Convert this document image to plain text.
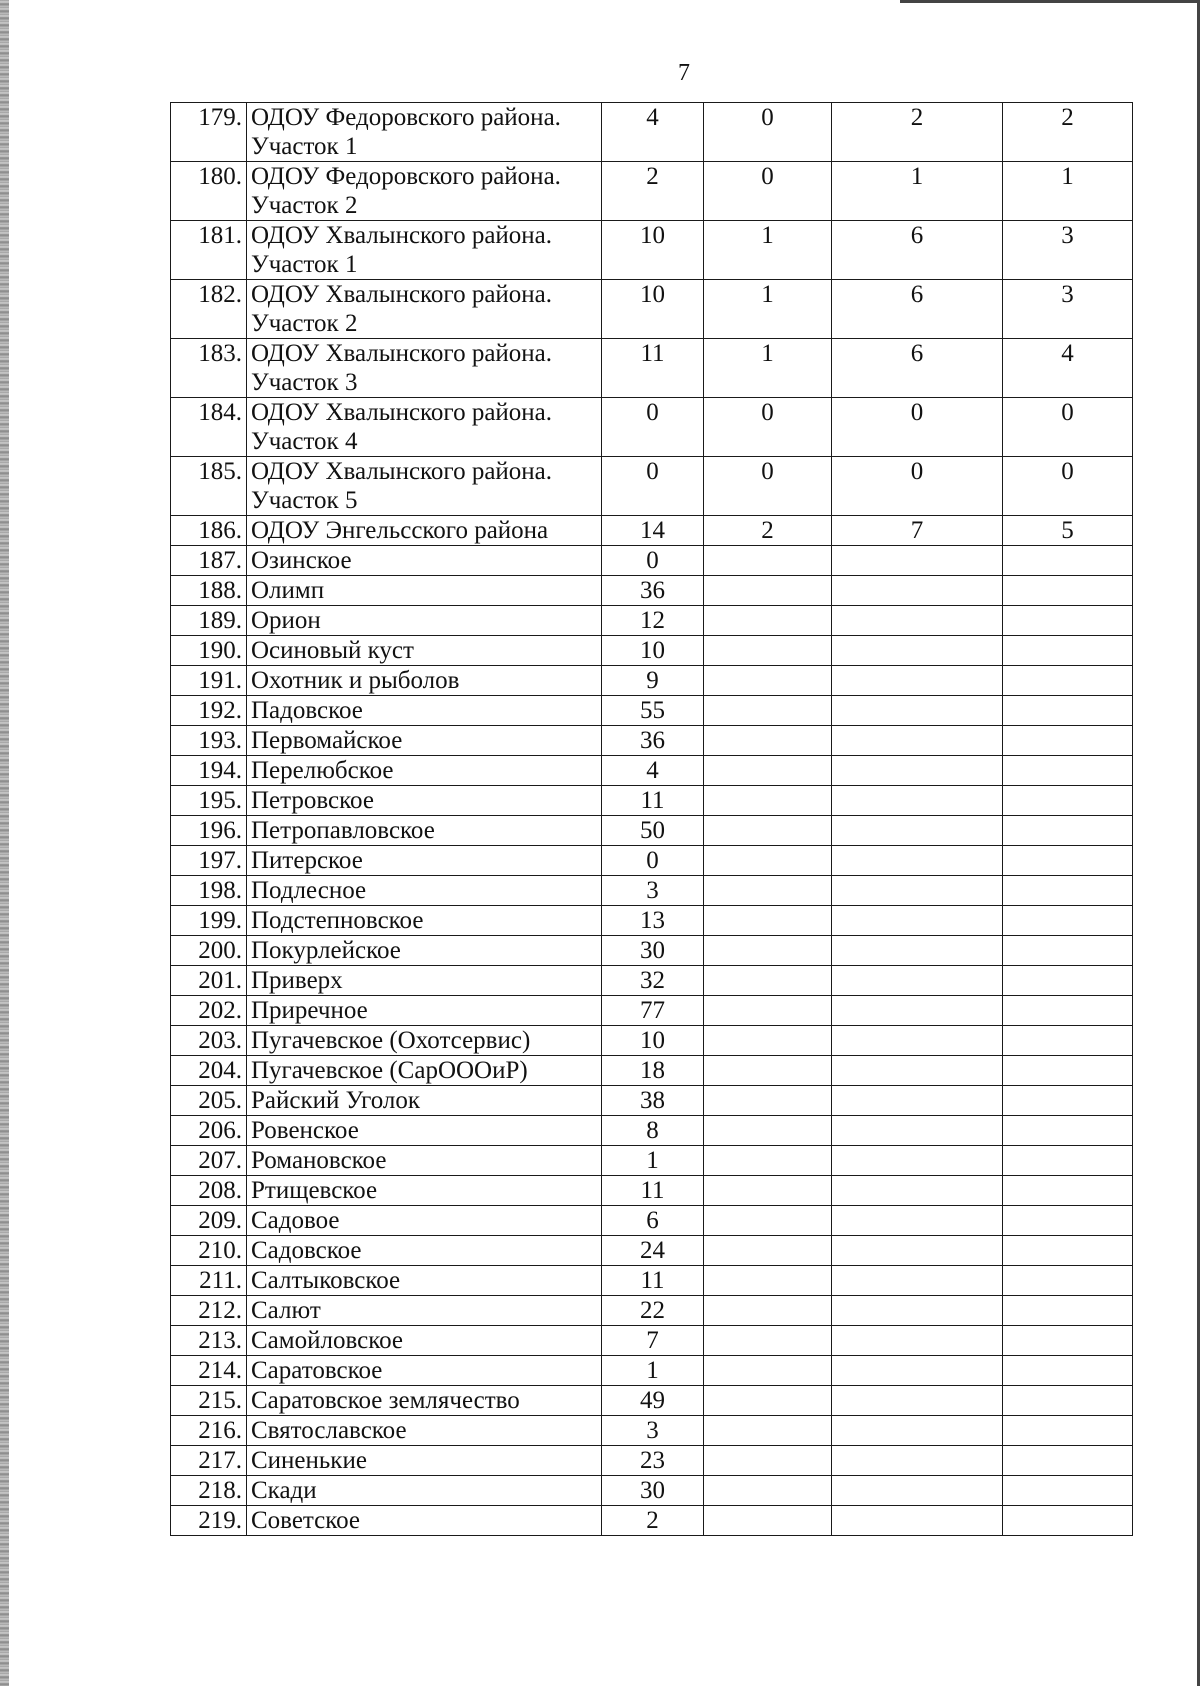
7
179.	ОДОУ Федоровского района. Участок 1	4	0	2	2
180.	ОДОУ Федоровского района. Участок 2	2	0	1	1
181.	ОДОУ Хвалынского района. Участок 1	10	1	6	3
182.	ОДОУ Хвалынского района. Участок 2	10	1	6	3
183.	ОДОУ Хвалынского района. Участок 3	11	1	6	4
184.	ОДОУ Хвалынского района. Участок 4	0	0	0	0
185.	ОДОУ Хвалынского района. Участок 5	0	0	0	0
186.	ОДОУ Энгельсского района	14	2	7	5
187.	Озинское	0			
188.	Олимп	36			
189.	Орион	12			
190.	Осиновый куст	10			
191.	Охотник и рыболов	9			
192.	Падовское	55			
193.	Первомайское	36			
194.	Перелюбское	4			
195.	Петровское	11			
196.	Петропавловское	50			
197.	Питерское	0			
198.	Подлесное	3			
199.	Подстепновское	13			
200.	Покурлейское	30			
201.	Приверх	32			
202.	Приречное	77			
203.	Пугачевское (Охотсервис)	10			
204.	Пугачевское (СарОООиР)	18			
205.	Райский Уголок	38			
206.	Ровенское	8			
207.	Романовское	1			
208.	Ртищевское	11			
209.	Садовое	6			
210.	Садовское	24			
211.	Салтыковское	11			
212.	Салют	22			
213.	Самойловское	7			
214.	Саратовское	1			
215.	Саратовское землячество	49			
216.	Святославское	3			
217.	Синенькие	23			
218.	Скади	30			
219.	Советское	2			
